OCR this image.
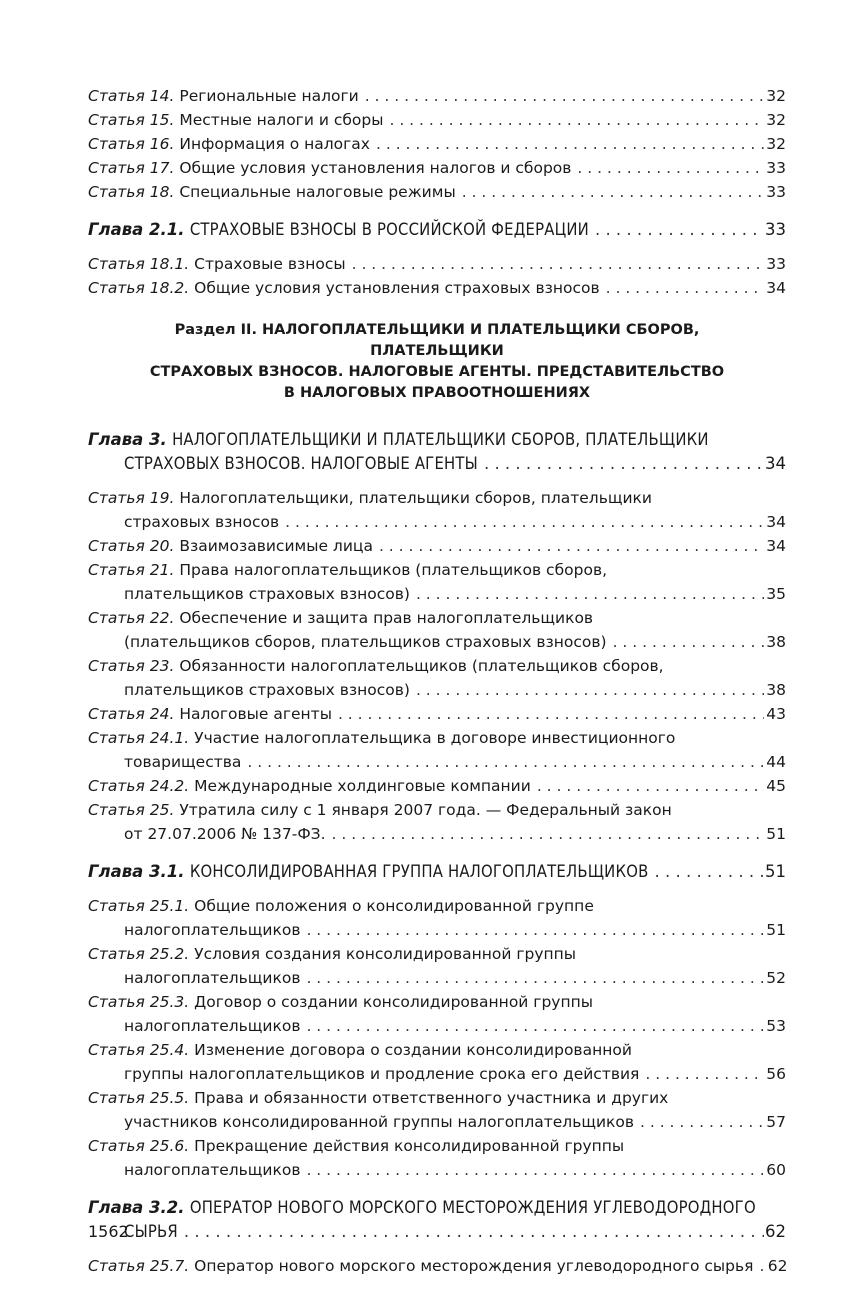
Статья 14. Региональные налоги . . .	32
Статья 15. Местные налоги и сборы . . .	32
Статья 16. Информация о налогах . . .	32
Статья 17. Общие условия установления налогов и сборов . . .	33
Статья 18. Специальные налоговые режимы . . .	33
Глава 2.1. СТРАХОВЫЕ ВЗНОСЫ В РОССИЙСКОЙ ФЕДЕРАЦИИ . . .	33
Статья 18.1. Страховые взносы . . .	33
Статья 18.2. Общие условия установления страховых взносов . . .	34
Раздел II. НАЛОГОПЛАТЕЛЬЩИКИ И ПЛАТЕЛЬЩИКИ СБОРОВ, ПЛАТЕЛЬЩИКИ
СТРАХОВЫХ ВЗНОСОВ. НАЛОГОВЫЕ АГЕНТЫ. ПРЕДСТАВИТЕЛЬСТВО
В НАЛОГОВЫХ ПРАВООТНОШЕНИЯХ
Глава 3. НАЛОГОПЛАТЕЛЬЩИКИ И ПЛАТЕЛЬЩИКИ СБОРОВ, ПЛАТЕЛЬЩИКИ
СТРАХОВЫХ ВЗНОСОВ. НАЛОГОВЫЕ АГЕНТЫ . . .	34
Статья 19. Налогоплательщики, плательщики сборов, плательщики
страховых взносов . . .	34
Статья 20. Взаимозависимые лица . . .	34
Статья 21. Права налогоплательщиков (плательщиков сборов,
плательщиков страховых взносов) . . .	35
Статья 22. Обеспечение и защита прав налогоплательщиков
(плательщиков сборов, плательщиков страховых взносов) . . .	38
Статья 23. Обязанности налогоплательщиков (плательщиков сборов,
плательщиков страховых взносов) . . .	38
Статья 24. Налоговые агенты . . .	43
Статья 24.1. Участие налогоплательщика в договоре инвестиционного
товарищества . . .	44
Статья 24.2. Международные холдинговые компании . . .	45
Статья 25. Утратила силу с 1 января 2007 года. — Федеральный закон
от 27.07.2006 № 137-ФЗ. . . .	51
Глава 3.1. КОНСОЛИДИРОВАННАЯ ГРУППА НАЛОГОПЛАТЕЛЬЩИКОВ . . .	51
Статья 25.1. Общие положения о консолидированной группе
налогоплательщиков . . .	51
Статья 25.2. Условия создания консолидированной группы
налогоплательщиков . . .	52
Статья 25.3. Договор о создании консолидированной группы
налогоплательщиков . . .	53
Статья 25.4. Изменение договора о создании консолидированной
группы налогоплательщиков и продление срока его действия . . .	56
Статья 25.5. Права и обязанности ответственного участника и других
участников консолидированной группы налогоплательщиков . . .	57
Статья 25.6. Прекращение действия консолидированной группы
налогоплательщиков . . .	60
Глава 3.2. ОПЕРАТОР НОВОГО МОРСКОГО МЕСТОРОЖДЕНИЯ УГЛЕВОДОРОДНОГО
СЫРЬЯ . . .	62
Статья 25.7. Оператор нового морского месторождения углеводородного сырья . . . 62
1562
